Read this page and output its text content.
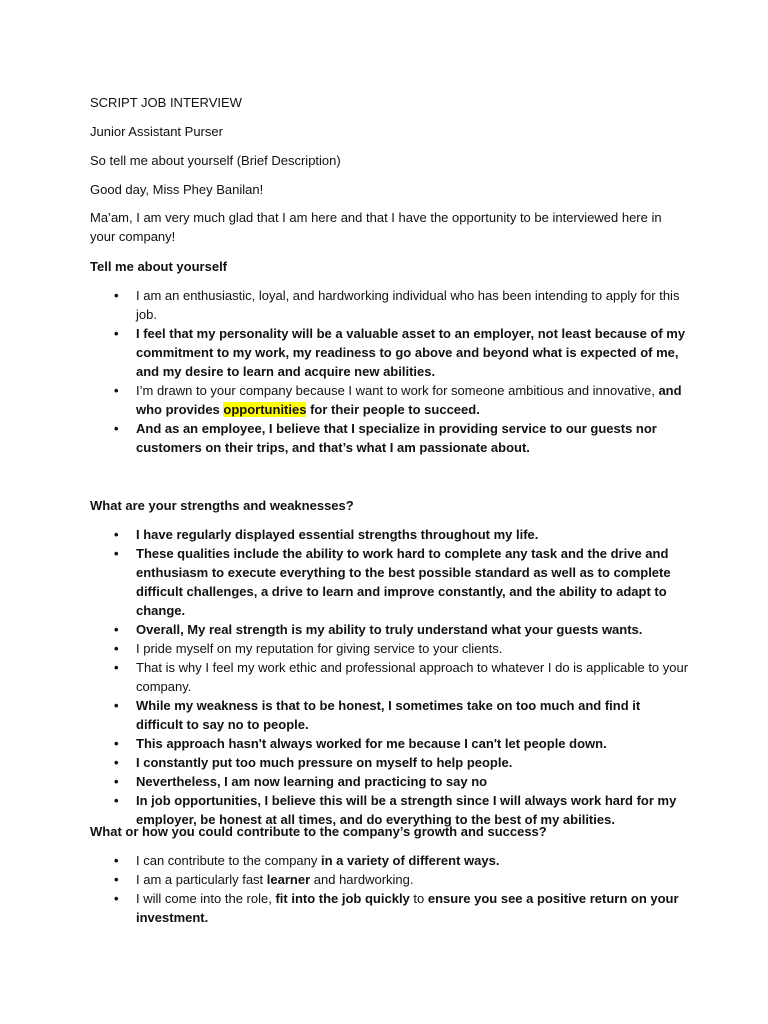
SCRIPT JOB INTERVIEW

Junior Assistant Purser

So tell me about yourself (Brief Description)

Good day, Miss Phey Banilan!

Ma’am, I am very much glad that I am here and that I have the opportunity to be interviewed here in your company!

Tell me about yourself

• I am an enthusiastic, loyal, and hardworking individual who has been intending to apply for this job.
• I feel that my personality will be a valuable asset to an employer, not least because of my commitment to my work, my readiness to go above and beyond what is expected of me, and my desire to learn and acquire new abilities.
• I’m drawn to your company because I want to work for someone ambitious and innovative, and who provides opportunities for their people to succeed.
• And as an employee, I believe that I specialize in providing service to our guests nor customers on their trips, and that’s what I am passionate about.

What are your strengths and weaknesses?

• I have regularly displayed essential strengths throughout my life.
• These qualities include the ability to work hard to complete any task and the drive and enthusiasm to execute everything to the best possible standard as well as to complete difficult challenges, a drive to learn and improve constantly, and the ability to adapt to change.
• Overall, My real strength is my ability to truly understand what your guests wants.
• I pride myself on my reputation for giving service to your clients.
• That is why I feel my work ethic and professional approach to whatever I do is applicable to your company.
• While my weakness is that to be honest, I sometimes take on too much and find it difficult to say no to people.
• This approach hasn't always worked for me because I can't let people down.
• I constantly put too much pressure on myself to help people.
• Nevertheless, I am now learning and practicing to say no
• In job opportunities, I believe this will be a strength since I will always work hard for my employer, be honest at all times, and do everything to the best of my abilities.

What or how you could contribute to the company’s growth and success?

• I can contribute to the company in a variety of different ways.
• I am a particularly fast learner and hardworking.
• I will come into the role, fit into the job quickly to ensure you see a positive return on your investment.
